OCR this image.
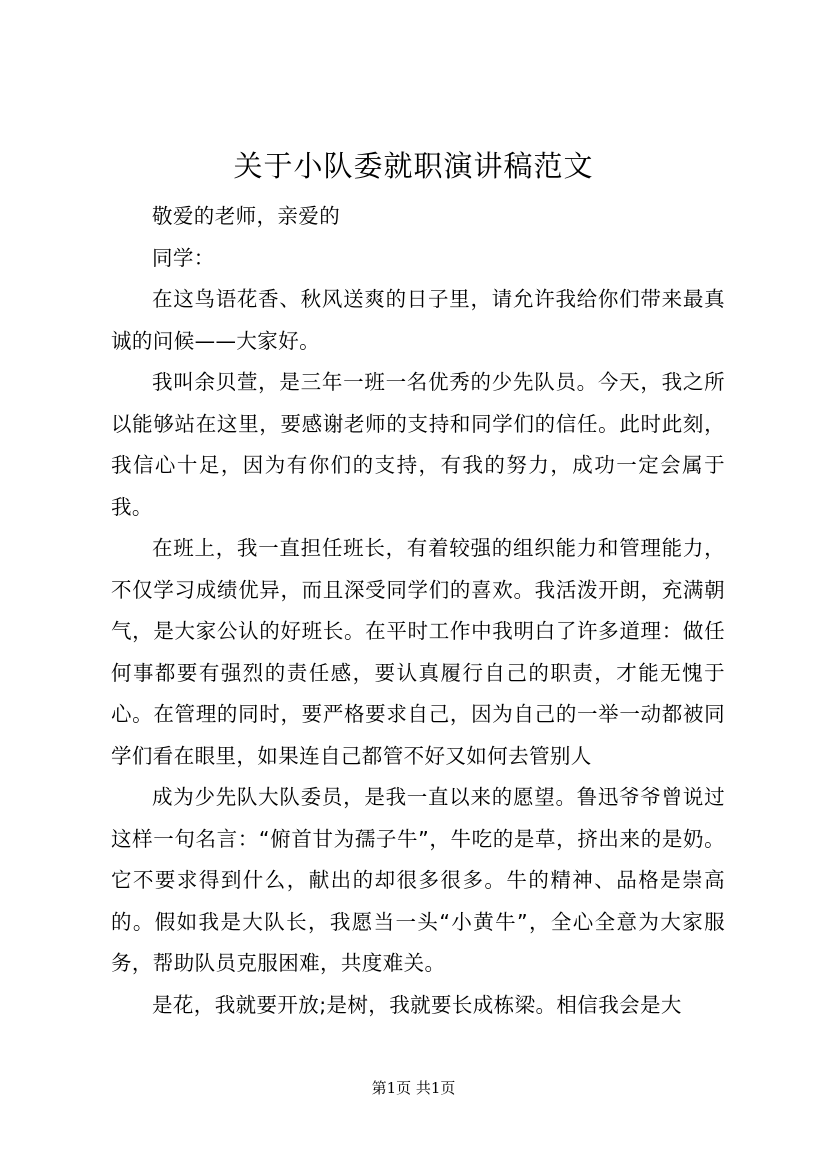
关于小队委就职演讲稿范文

敬爱的老师，亲爱的

同学：

在这鸟语花香、秋风送爽的日子里，请允许我给你们带来最真诚的问候——大家好。

我叫余贝萱，是三年一班一名优秀的少先队员。今天，我之所以能够站在这里，要感谢老师的支持和同学们的信任。此时此刻，我信心十足，因为有你们的支持，有我的努力，成功一定会属于我。

在班上，我一直担任班长，有着较强的组织能力和管理能力，不仅学习成绩优异，而且深受同学们的喜欢。我活泼开朗，充满朝气，是大家公认的好班长。在平时工作中我明白了许多道理：做任何事都要有强烈的责任感，要认真履行自己的职责，才能无愧于心。在管理的同时，要严格要求自己，因为自己的一举一动都被同学们看在眼里，如果连自己都管不好又如何去管别人

成为少先队大队委员，是我一直以来的愿望。鲁迅爷爷曾说过这样一句名言：“俯首甘为孺子牛”，牛吃的是草，挤出来的是奶。它不要求得到什么，献出的却很多很多。牛的精神、品格是崇高的。假如我是大队长，我愿当一头“小黄牛”，全心全意为大家服务，帮助队员克服困难，共度难关。

是花，我就要开放;是树，我就要长成栋梁。相信我会是大

第1页 共1页
